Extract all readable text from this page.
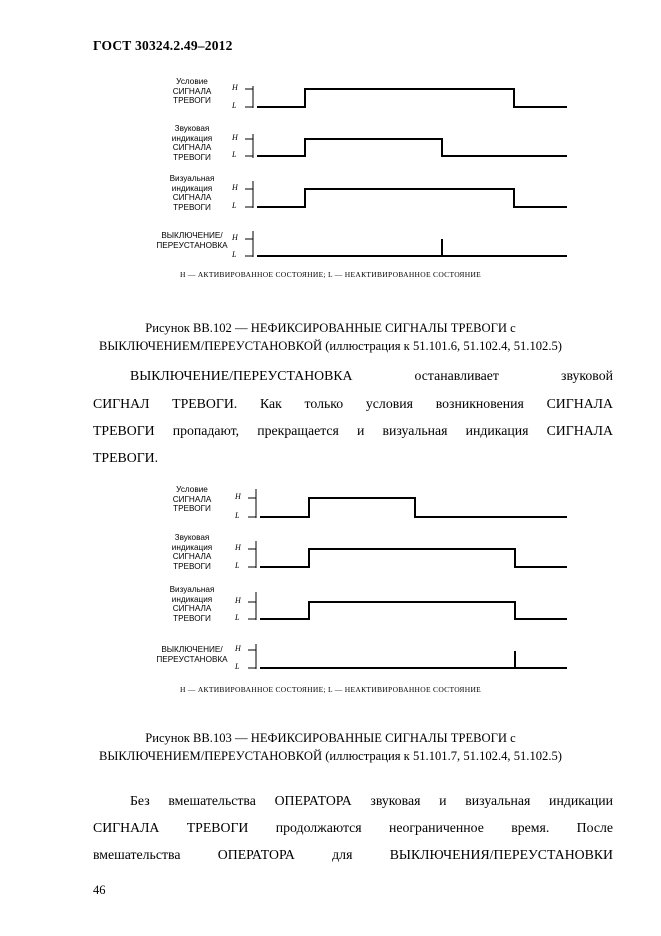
ГОСТ 30324.2.49–2012
Условие
СИГНАЛА
ТРЕВОГИ
Звуковая
индикация
СИГНАЛА
ТРЕВОГИ
Визуальная
индикация
СИГНАЛА
ТРЕВОГИ
ВЫКЛЮЧЕНИЕ/
ПЕРЕУСТАНОВКА
H
L
H
L
H
L
H
L
H — АКТИВИРОВАННОЕ СОСТОЯНИЕ; L — НЕАКТИВИРОВАННОЕ СОСТОЯНИЕ
Рисунок ВВ.102 — НЕФИКСИРОВАННЫЕ СИГНАЛЫ ТРЕВОГИ с
ВЫКЛЮЧЕНИЕМ/ПЕРЕУСТАНОВКОЙ (иллюстрация к 51.101.6, 51.102.4, 51.102.5)
ВЫКЛЮЧЕНИЕ/ПЕРЕУСТАНОВКА останавливает звуковой
СИГНАЛ ТРЕВОГИ. Как только условия возникновения СИГНАЛА
ТРЕВОГИ пропадают, прекращается и визуальная индикация СИГНАЛА
ТРЕВОГИ.
Условие
СИГНАЛА
ТРЕВОГИ
Звуковая
индикация
СИГНАЛА
ТРЕВОГИ
Визуальная
индикация
СИГНАЛА
ТРЕВОГИ
ВЫКЛЮЧЕНИЕ/
ПЕРЕУСТАНОВКА
H
L
H
L
H
L
H
L
H — АКТИВИРОВАННОЕ СОСТОЯНИЕ; L — НЕАКТИВИРОВАННОЕ СОСТОЯНИЕ
Рисунок ВВ.103 — НЕФИКСИРОВАННЫЕ СИГНАЛЫ ТРЕВОГИ с
ВЫКЛЮЧЕНИЕМ/ПЕРЕУСТАНОВКОЙ (иллюстрация к 51.101.7, 51.102.4, 51.102.5)
Без вмешательства ОПЕРАТОРА звуковая и визуальная индикации
СИГНАЛА ТРЕВОГИ продолжаются неограниченное время. После
вмешательства ОПЕРАТОРА для ВЫКЛЮЧЕНИЯ/ПЕРЕУСТАНОВКИ
46
